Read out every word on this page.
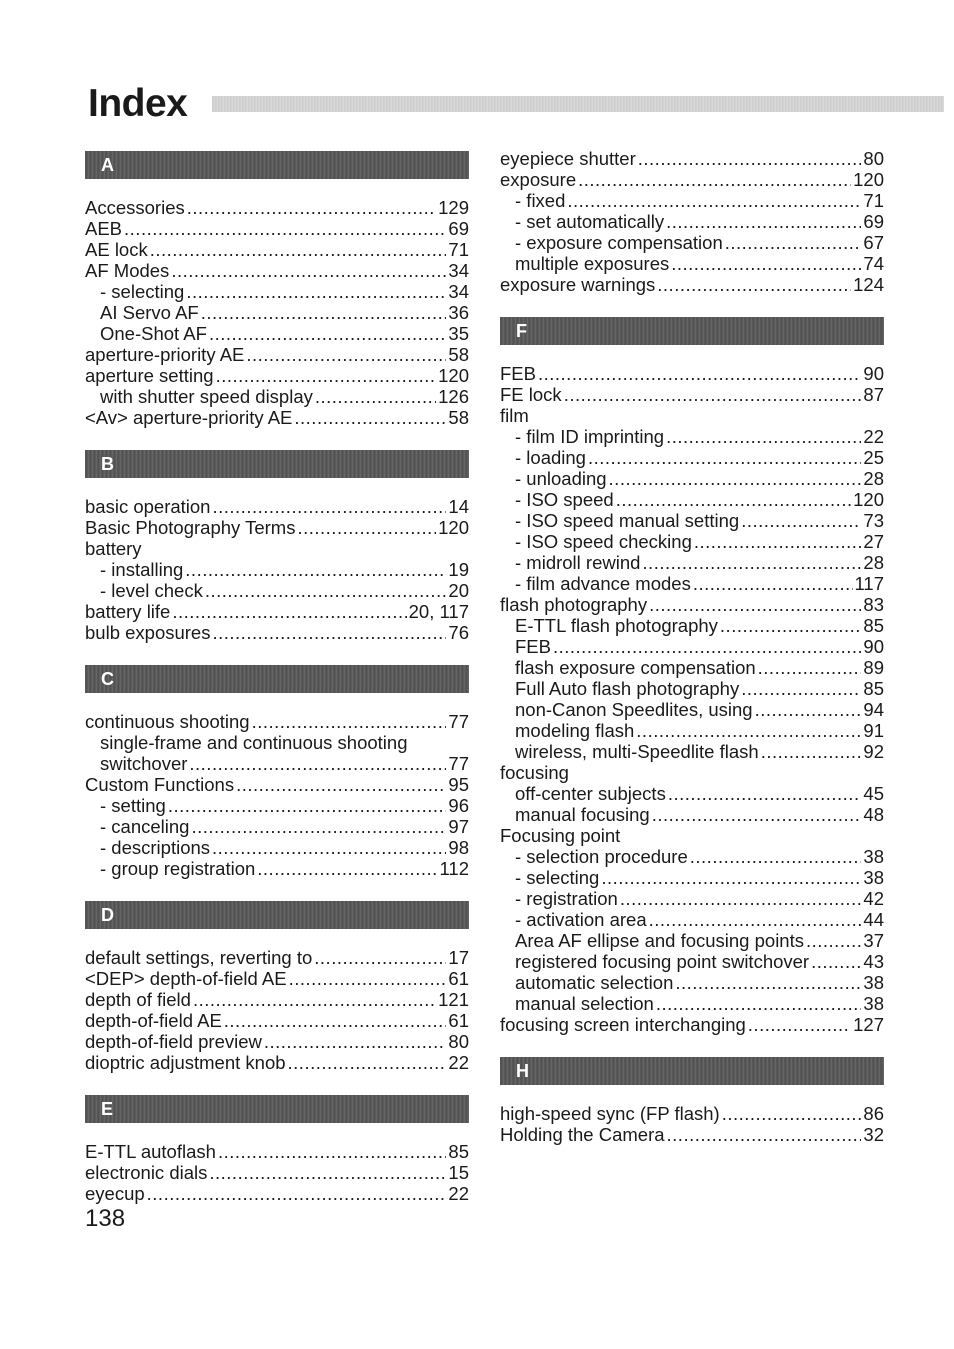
Index
A
Accessories .....	129
AEB .....	69
AE lock .....	71
AF Modes .....	34
- selecting .....	34
AI Servo AF .....	36
One-Shot AF .....	35
aperture-priority AE .....	58
aperture setting .....	120
with shutter speed display .....	126
<Av> aperture-priority AE .....	58
B
basic operation .....	14
Basic Photography Terms .....	120
battery
- installing .....	19
- level check .....	20
battery life .....	20, 117
bulb exposures .....	76
C
continuous shooting .....	77
single-frame and continuous shooting
switchover .....	77
Custom Functions .....	95
- setting .....	96
- canceling .....	97
- descriptions .....	98
- group registration .....	112
D
default settings, reverting to .....	17
<DEP> depth-of-field AE .....	61
depth of field .....	121
depth-of-field AE .....	61
depth-of-field preview .....	80
dioptric adjustment knob .....	22
E
E-TTL autoflash .....	85
electronic dials .....	15
eyecup .....	22
eyepiece shutter .....	80
exposure .....	120
- fixed .....	71
- set automatically .....	69
- exposure compensation .....	67
multiple exposures .....	74
exposure warnings .....	124
F
FEB .....	90
FE lock .....	87
film
- film ID imprinting .....	22
- loading .....	25
- unloading .....	28
- ISO speed .....	120
- ISO speed manual setting .....	73
- ISO speed checking .....	27
- midroll rewind .....	28
- film advance modes .....	117
flash photography .....	83
E-TTL flash photography .....	85
FEB .....	90
flash exposure compensation .....	89
Full Auto flash photography .....	85
non-Canon Speedlites, using .....	94
modeling flash .....	91
wireless, multi-Speedlite flash .....	92
focusing
off-center subjects .....	45
manual focusing .....	48
Focusing point
- selection procedure .....	38
- selecting .....	38
- registration .....	42
- activation area .....	44
Area AF ellipse and focusing points .....	37
registered focusing point switchover .....	43
automatic selection .....	38
manual selection .....	38
focusing screen interchanging .....	127
H
high-speed sync (FP flash) .....	86
Holding the Camera .....	32
138
